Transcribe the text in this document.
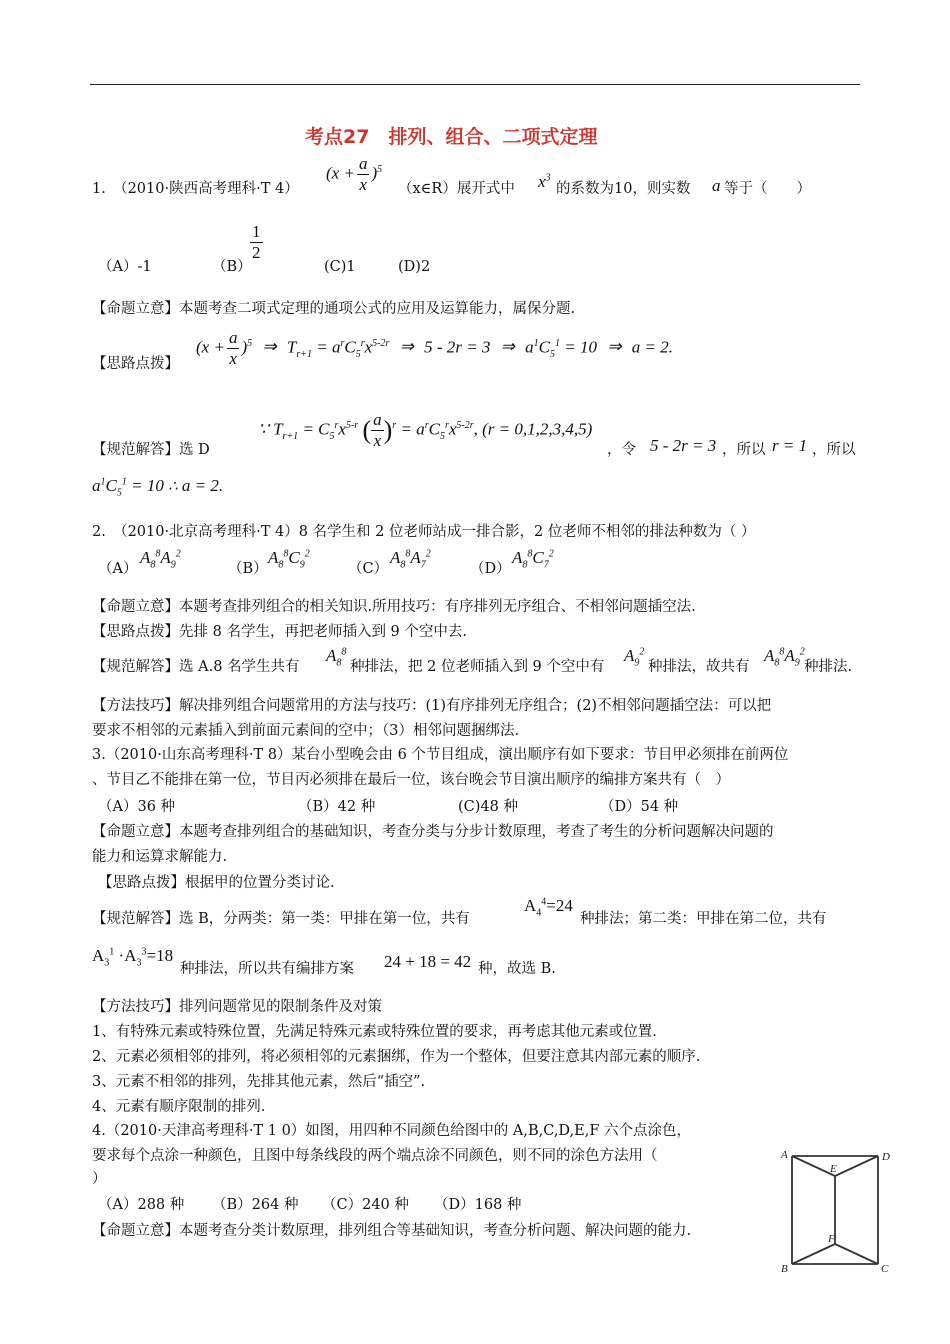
考点27　排列、组合、二项式定理
1.　（2010·陕西高考理科·T 4）
$(x + \frac{a}{x} )^5$
（x∈R）展开式中 $x^3$
的系数为10，则实数 a 等于（　　）
（A）-1	（B）
$\frac{1}{2}$
(C)1	(D)2
【命题立意】本题考查二项式定理的通项公式的应用及运算能力，属保分题.
【思路点拨】
$(x + \frac{a}{x} )^5$ ⇒ $T_{r+1} = a^rC_5^rx^{5-2r}$ ⇒ 5 - 2r = 3 ⇒ $a^1C_5^1 = 10$ ⇒ a = 2.
【规范解答】选 D
∵ $T_{r+1} = C_5^rx^{5-r}$ ( $\frac{a}{x} )^r = a^rC_5^rx^{5-2r}$, (r = 0,1,2,3,4,5)
，令 5 - 2r = 3 ，所以 r = 1 ，所以
$a^1C_5^1 = 10$ ∴ a = 2.
2.　（2010·北京高考理科·T 4）8 名学生和 2 位老师站成一排合影，2 位老师不相邻的排法种数为（ ）
（A）
$A_8^8A_9^2$
（B）
$A_8^8C_9^2$
（C）
$A_8^8A_7^2$
（D）
$A_8^8C_7^2$
【命题立意】本题考查排列组合的相关知识.所用技巧：有序排列无序组合、不相邻问题插空法.
【思路点拨】先排 8 名学生，再把老师插入到 9 个空中去.
【规范解答】选 A.8 名学生共有
$A_8^8$
种排法，把 2 位老师插入到 9 个空中有
$A_9^2$
种排法，故共有
$A_8^8A_9^2$
种排法.
【方法技巧】解决排列组合问题常用的方法与技巧：(1)有序排列无序组合；(2)不相邻问题插空法：可以把
要求不相邻的元素插入到前面元素间的空中；（3）相邻问题捆绑法.
3.（2010·山东高考理科·T 8）某台小型晚会由 6 个节目组成，演出顺序有如下要求：节目甲必须排在前两位
、节目乙不能排在第一位，节目丙必须排在最后一位，该台晚会节目演出顺序的编排方案共有（　）
（A）36 种	（B）42 种	(C)48 种	（D）54 种
【命题立意】本题考查排列组合的基础知识，考查分类与分步计数原理，考查了考生的分析问题解决问题的
能力和运算求解能力.
【思路点拨】根据甲的位置分类讨论.
【规范解答】选 B，分两类：第一类：甲排在第一位，共有
$A_4^4=24$
种排法；第二类：甲排在第二位，共有
$A_3^1 \cdot A_3^3=18$
种排法，所以共有编排方案 24 + 18 = 42 种，故选 B.
【方法技巧】排列问题常见的限制条件及对策
1、有特殊元素或特殊位置，先满足特殊元素或特殊位置的要求，再考虑其他元素或位置.
2、元素必须相邻的排列，将必须相邻的元素捆绑，作为一个整体，但要注意其内部元素的顺序.
3、元素不相邻的排列，先排其他元素，然后“插空”.
4、元素有顺序限制的排列.
4.（2010·天津高考理科·T 1 0）如图，用四种不同颜色给图中的 A,B,C,D,E,F 六个点涂色，
要求每个点涂一种颜色，且图中每条线段的两个端点涂不同颜色，则不同的涂色方法用（
）
（A）288 种 （B）264 种 （C）240 种 （D）168 种
【命题立意】本题考查分类计数原理，排列组合等基础知识，考查分析问题、解决问题的能力.
A	D
E
F
B	C
